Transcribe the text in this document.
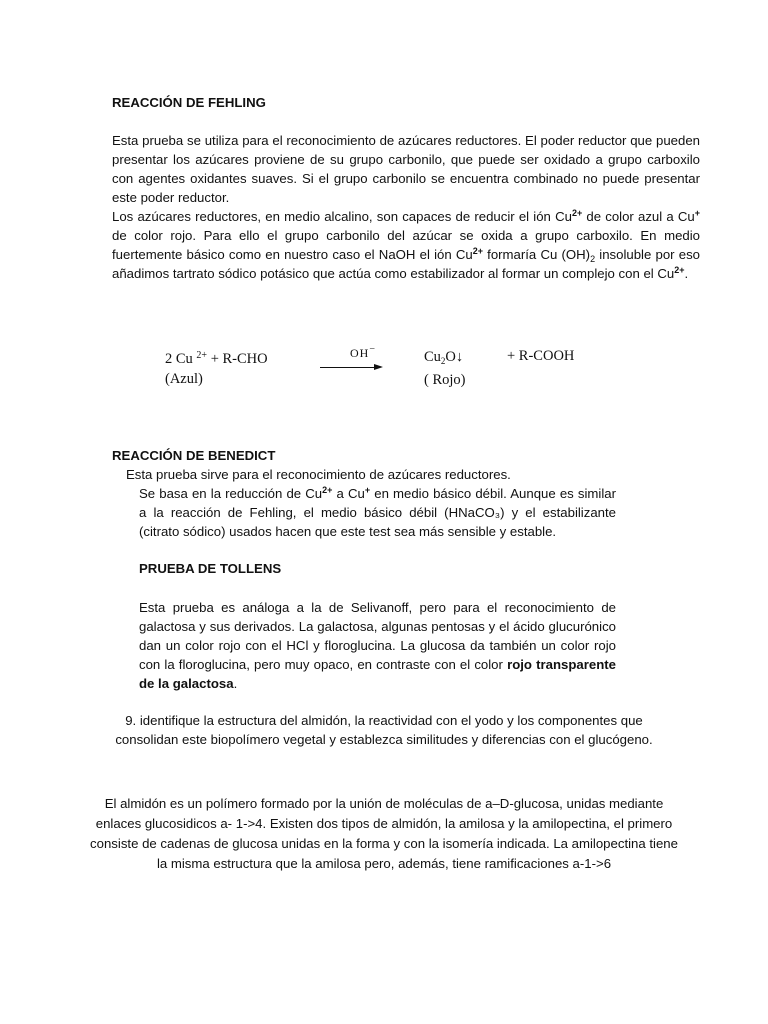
REACCIÓN DE FEHLING

Esta prueba se utiliza para el reconocimiento de azúcares reductores. El poder reductor que pueden presentar los azúcares proviene de su grupo carbonilo, que puede ser oxidado a grupo carboxilo con agentes oxidantes suaves. Si el grupo carbonilo se encuentra combinado no puede presentar este poder reductor.

Los azúcares reductores, en medio alcalino, son capaces de reducir el ión $Cu^{2+}$ de color azul a Cu+ de color rojo. Para ello el grupo carbonilo del azúcar se oxida a grupo carboxilo. En medio fuertemente básico como en nuestro caso el NaOH el ión $Cu^{2+}$ formaría Cu $(OH)_2$ insoluble por eso añadimos tartrato sódico potásico que actúa como estabilizador al formar un complejo con el $Cu^{2+}$.

2 Cu $^{2+}$ + R-CHO
(Azul)
OH−	$Cu_2O↓$
( Rojo)
+ R-COOH
REACCIÓN DE BENEDICT
Esta prueba sirve para el reconocimiento de azúcares reductores.
Se basa en la reducción de $Cu^{2+}$ a Cu+ en medio básico débil. Aunque es similar a la reacción de Fehling, el medio básico débil (HNaCO₃) y el estabilizante (citrato sódico) usados hacen que este test sea más sensible y estable.
PRUEBA DE TOLLENS
Esta prueba es análoga a la de Selivanoff, pero para el reconocimiento de galactosa y sus derivados. La galactosa, algunas pentosas y el ácido glucurónico dan un color rojo con el HCl y floroglucina. La glucosa da también un color rojo con la floroglucina, pero muy opaco, en contraste con el color rojo transparente de la galactosa.
9. identifique la estructura del almidón, la reactividad con el yodo y los componentes que
consolidan este biopolímero vegetal y establezca similitudes y diferencias con el glucógeno.
El almidón es un polímero formado por la unión de moléculas de a–D-glucosa, unidas mediante
enlaces glucosidicos a- 1->4. Existen dos tipos de almidón, la amilosa y la amilopectina, el primero
consiste de cadenas de glucosa unidas en la forma y con la isomería indicada. La amilopectina tiene
la misma estructura que la amilosa pero, además, tiene ramificaciones a-1->6
